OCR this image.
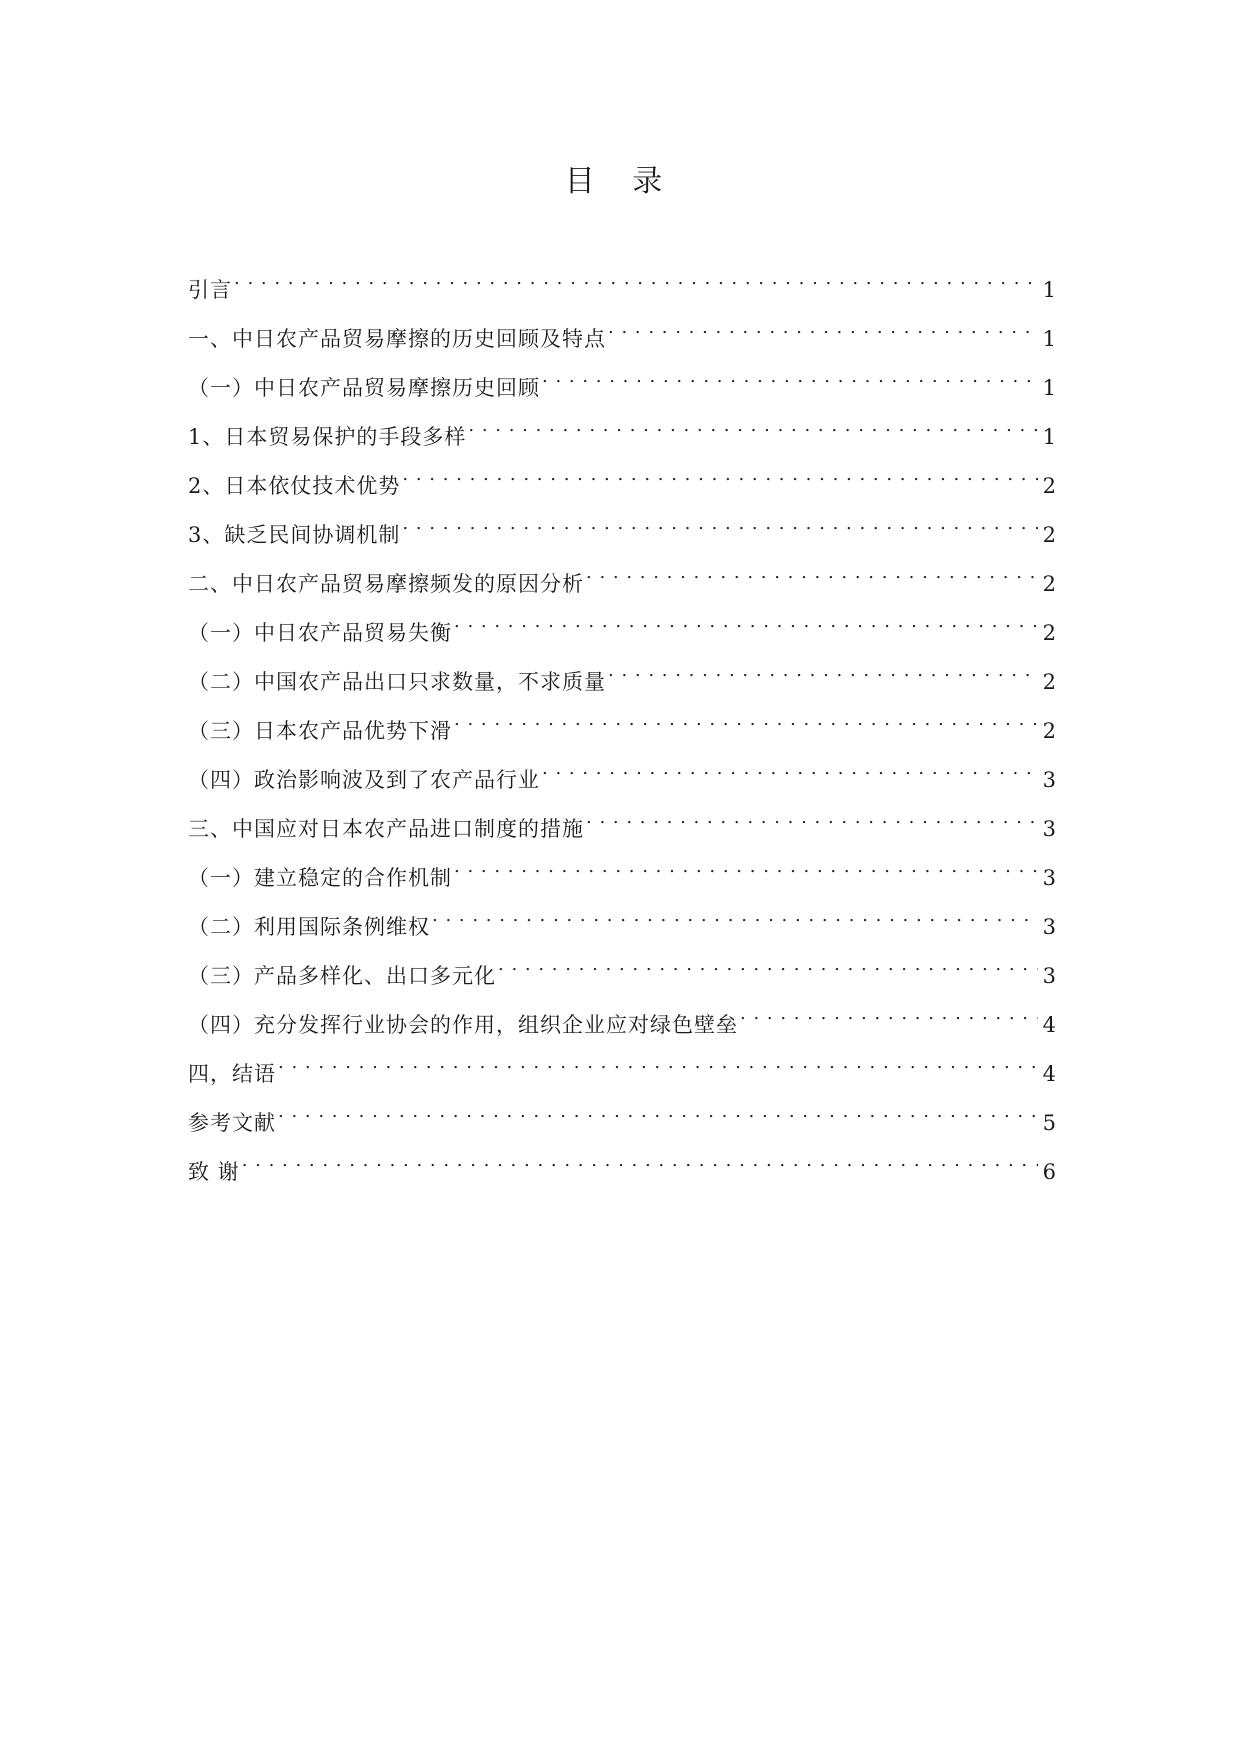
目 录
引言 . . .	1
一、中日农产品贸易摩擦的历史回顾及特点 . . .	1
（一）中日农产品贸易摩擦历史回顾 . . .	1
1、日本贸易保护的手段多样 . . .	1
2、日本依仗技术优势 . . .	2
3、缺乏民间协调机制 . . .	2
二、中日农产品贸易摩擦频发的原因分析 . . .	2
（一）中日农产品贸易失衡 . . .	2
（二）中国农产品出口只求数量，不求质量 . . .	2
（三）日本农产品优势下滑 . . .	2
（四）政治影响波及到了农产品行业 . . .	3
三、中国应对日本农产品进口制度的措施 . . .	3
（一）建立稳定的合作机制 . . .	3
（二）利用国际条例维权 . . .	3
（三）产品多样化、出口多元化 . . .	3
（四）充分发挥行业协会的作用，组织企业应对绿色壁垒 . . .	4
四，结语 . . .	4
参考文献 . . .	5
致 谢 . . .	6
